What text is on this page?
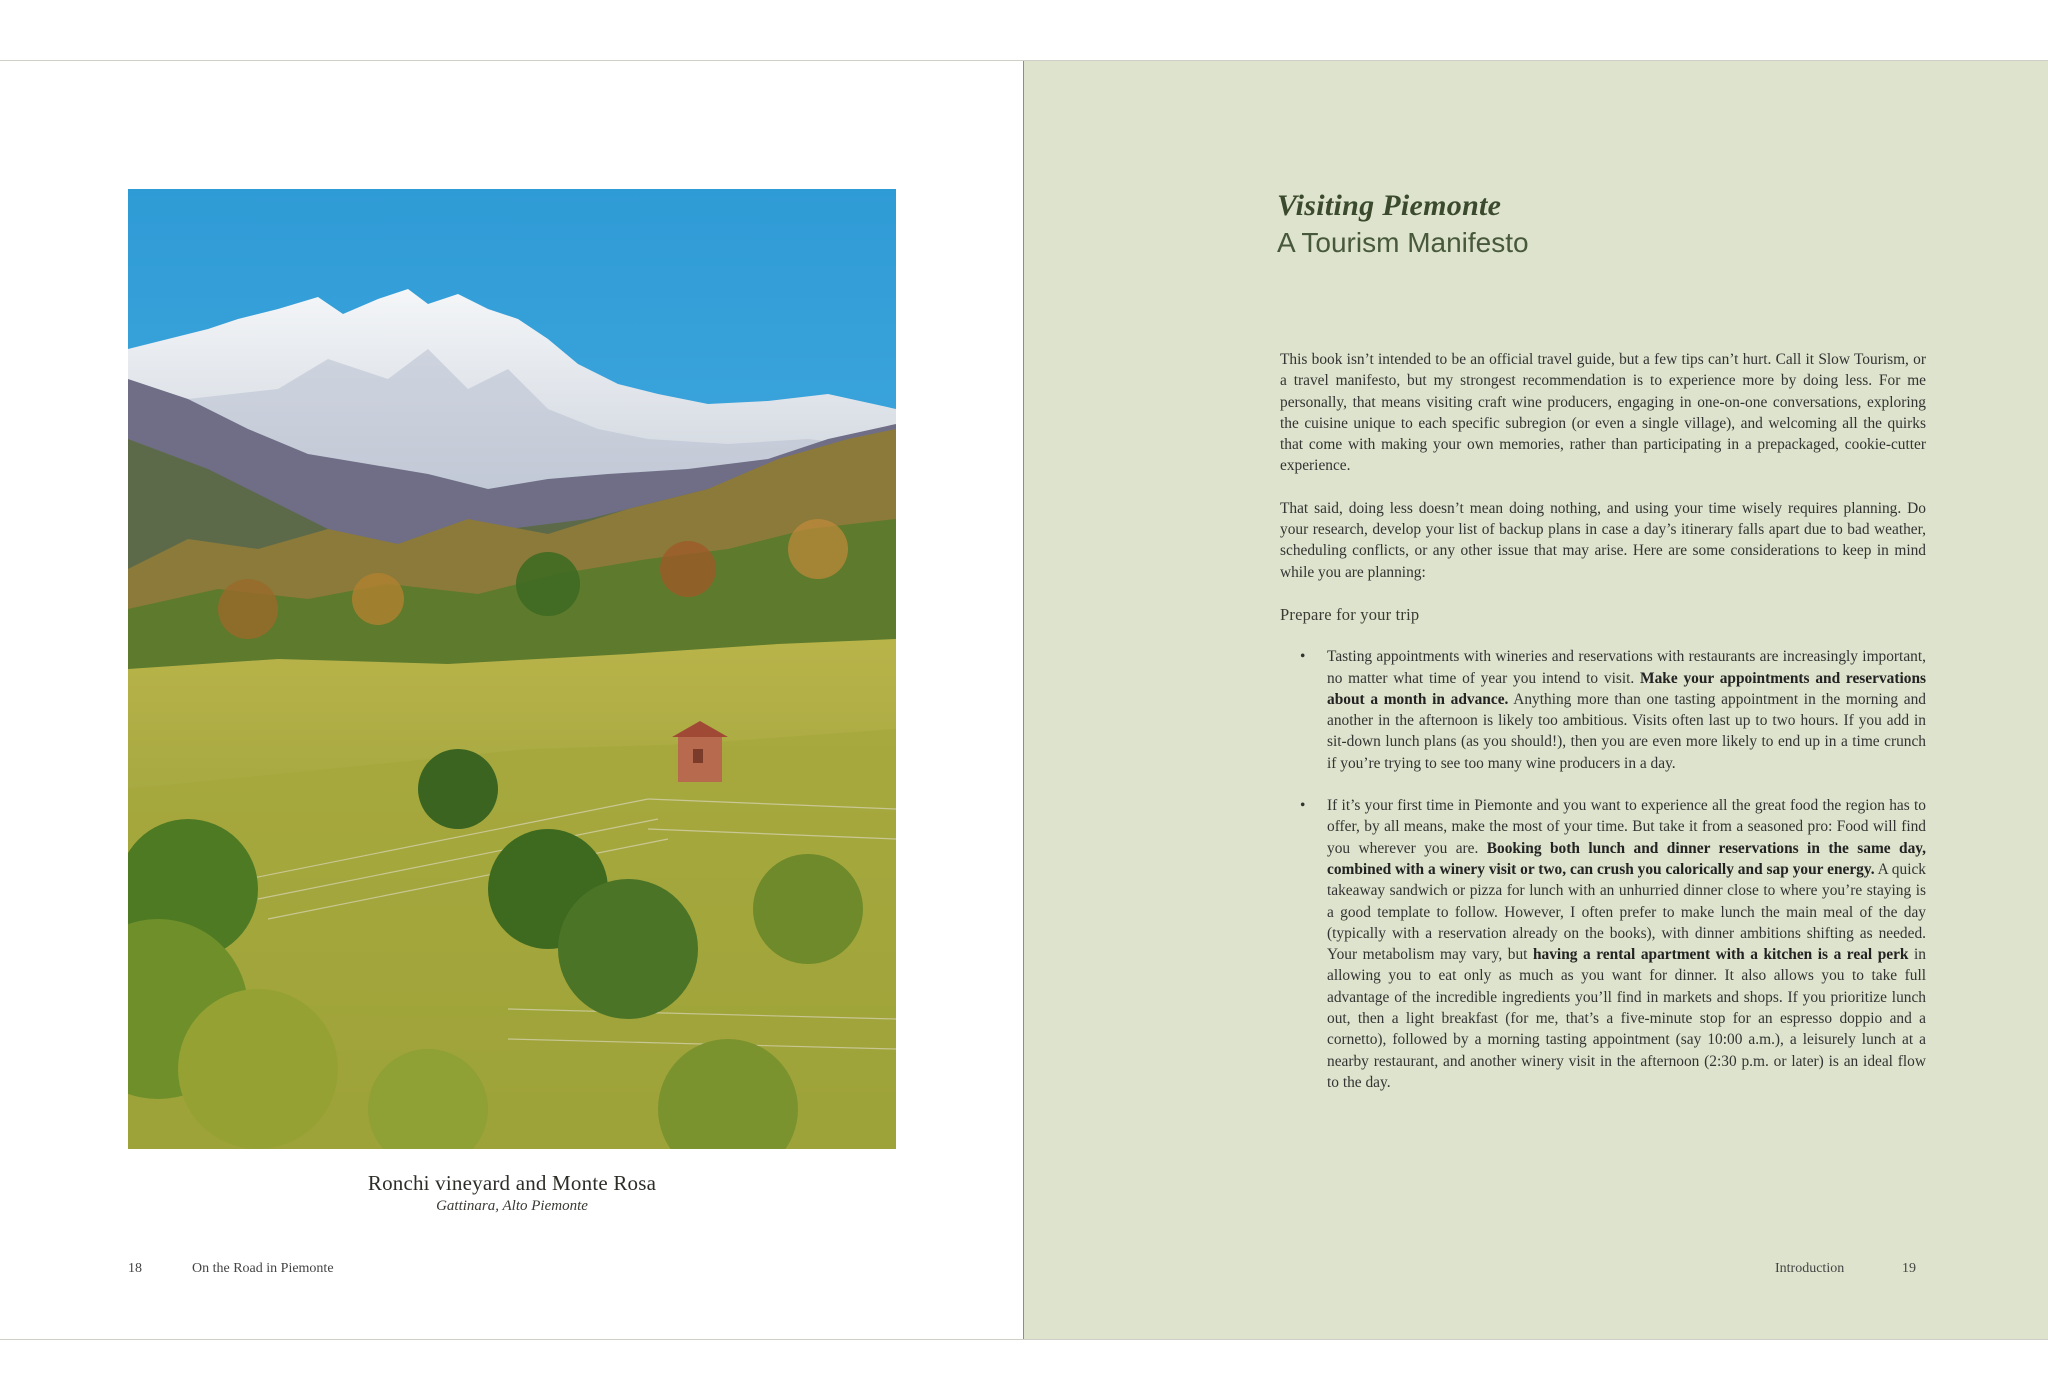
Ronchi vineyard and Monte Rosa
Gattinara, Alto Piemonte
18	On the Road in Piemonte
Visiting Piemonte
A Tourism Manifesto

This book isn’t intended to be an official travel guide, but a few tips can’t hurt. Call it Slow Tourism, or a travel manifesto, but my strongest recommendation is to experience more by doing less. For me personally, that means visiting craft wine producers, engaging in one-on-one conversations, exploring the cuisine unique to each specific subregion (or even a single village), and welcoming all the quirks that come with making your own memories, rather than participating in a prepackaged, cookie-cutter experience.

That said, doing less doesn’t mean doing nothing, and using your time wisely requires planning. Do your research, develop your list of backup plans in case a day’s itinerary falls apart due to bad weather, scheduling conflicts, or any other issue that may arise. Here are some considerations to keep in mind while you are planning:

Prepare for your trip
• Tasting appointments with wineries and reservations with restaurants are increasingly important, no matter what time of year you intend to visit. Make your appointments and reservations about a month in advance. Anything more than one tasting appointment in the morning and another in the afternoon is likely too ambitious. Visits often last up to two hours. If you add in sit-down lunch plans (as you should!), then you are even more likely to end up in a time crunch if you’re trying to see too many wine producers in a day.
• If it’s your first time in Piemonte and you want to experience all the great food the region has to offer, by all means, make the most of your time. But take it from a seasoned pro: Food will find you wherever you are. Booking both lunch and dinner reservations in the same day, combined with a winery visit or two, can crush you calorically and sap your energy. A quick takeaway sandwich or pizza for lunch with an unhurried dinner close to where you’re staying is a good template to follow. However, I often prefer to make lunch the main meal of the day (typically with a reservation already on the books), with dinner ambitions shifting as needed. Your metabolism may vary, but having a rental apartment with a kitchen is a real perk in allowing you to eat only as much as you want for dinner. It also allows you to take full advantage of the incredible ingredients you’ll find in markets and shops. If you prioritize lunch out, then a light breakfast (for me, that’s a five-minute stop for an espresso doppio and a cornetto), followed by a morning tasting appointment (say 10:00 a.m.), a leisurely lunch at a nearby restaurant, and another winery visit in the afternoon (2:30 p.m. or later) is an ideal flow to the day.
Introduction	19
